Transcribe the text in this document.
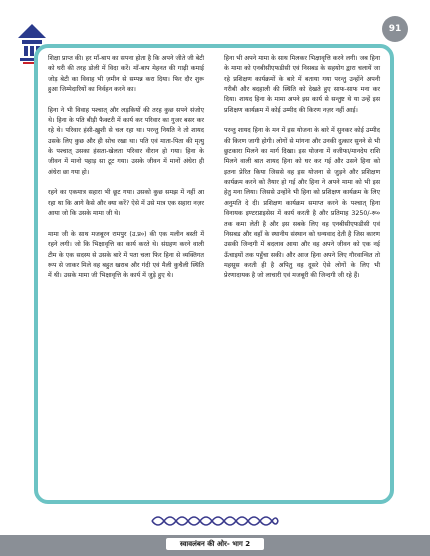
91

शिक्षा प्राप्त की। हर माँ-बाप का सपना होता है कि अपने जीते जी बेटी को घरी की तरह डोली में विदा करें। माँ-बाप मेहनत की गाढ़ी कमाई जोड़ बेटी का विवाह भी ज़मीन से सम्पन्न करा दिया। फिर दौर शुरू हुआ जिम्मेदारियों का निर्वहन करने का।

हिना ने भी विवाह पश्चात् और लड़कियों की तरह कुछ सपने संजोए थे। हिना के पति बीड़ी फैक्टरी में कार्य कर परिवार का गुजर बसर कर रहे थे। परिवार हंसी-ख़ुशी से चल रहा था। परन्तु नियति ने तो शायद उसके लिए कुछ और ही सोच रखा था। पति एवं माता-पिता की मृत्यु के पश्चात् उसका हंसता-खेलता परिवार वीरान हो गया। हिना के जीवन में मानो पहाड़ सा टूट गया। उसके जीवन में मानों अंधेरा ही अंधेरा छा गया हो।

रहने का एकमात्र सहारा भी छूट गया। उसको कुछ समझ में नहीं आ रहा था कि आगे कैसे और क्या करें? ऐसे में उसे मात्र एक सहारा नज़र आया जो कि उसके मामा जी थे।

मामा जी के साथ मजबूरन रामपुर (उ.प्र०) की एक मलीन बस्ती में रहने लगी। जो कि भिक्षावृत्ति का कार्य करते थे। संग्रहण करने वाली टीम के एक सदस्य से उसके बारे में पता चला फिर हिना से व्यक्तिगत रूप से जाकर मिले वह बहुत खराब और गंदी एवं मैली कुचैली स्थिति में थी। उसके मामा जी भिक्षावृत्ति के कार्य में जुड़े हुए थे।

हिना भी अपने मामा के साथ मिलकर भिक्षावृत्ति करने लगी। जब हिना के मामा को एनबीसीएफडीसी एवं निसबड के सहयोग द्वारा चलायें जा रहे प्रशिक्षण कार्यक्रमों के बारे में बताया गया परन्तु उन्होंने अपनी गरीबी और बदहाली की स्थिति को देखते हुए साफ-साफ मना कर दिया। शायद हिना के मामा अपने इस कार्य से सन्तुष्ट थे या उन्हें इस प्रशिक्षण कार्यक्रम में कोई उम्मीद की किरण नज़र नहीं आई।

परन्तु शायद हिना के मन में इस योजना के बारे में सुनकर कोई उम्मीद की किरण जागी होगी। लोगों से मांगना और उनकी दुत्कार सुनने से भी छुटकारा मिलने का मार्ग दिखा। इस योजना में वजीफा/मानदेय राशि मिलने वाली बात शायद हिना को घर कर गई और उसने हिना को इतना प्रेरित किया जिससे वह इस योजना से जुड़ने और प्रशिक्षण कार्यक्रम करने को तैयार हो गई और हिना ने अपने मामा को भी इस हेतु मना लिया। जिससे उन्होंने भी हिना को प्रशिक्षण कार्यक्रम के लिए अनुमति दे दी। प्रशिक्षण कार्यक्रम समाप्त करने के पश्चात् हिना विनायक इण्टरप्राइसेस में कार्य करती है और प्रतिमाह 3250/-रू० तक कमा लेती है और इस सबके लिए वह एनबीसीएफडीसी एवं निसबड और वहाँ के स्थानीय संस्थान को धन्यवाद देती है जिस कारण उसकी जिन्दगी में बदलाव आया और वह अपने जीवन को एक नई ऊँचाइयों तक पहुँचा सकी। और आज हिना अपने लिए गौरवान्वित तो महसूस करती ही है अपितु वह दूसरे ऐसे लोगों के लिए भी प्रेरणादायक है जो लाचारी एवं मजबूरी की जिन्दगी जी रहे हैं।

स्वावलंबन की ओर- भाग 2
